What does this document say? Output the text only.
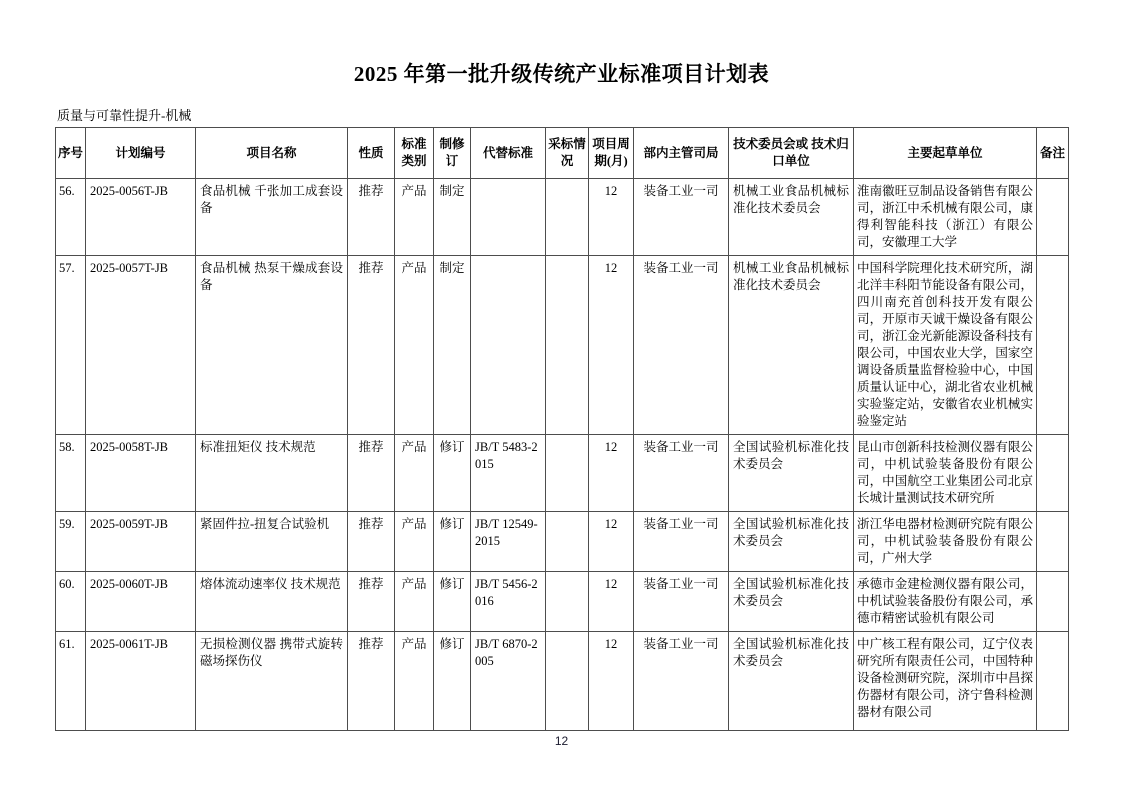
2025 年第一批升级传统产业标准项目计划表
质量与可靠性提升-机械
序号	计划编号	项目名称	性质	标准类别	制修订	代替标准	采标情况	项目周期(月)	部内主管司局	技术委员会或 技术归口单位	主要起草单位	备注
56.	2025-0056T-JB	食品机械 千张加工成套设备	推荐	产品	制定			12	装备工业一司	机械工业食品机械标准化技术委员会	淮南徽旺豆制品设备销售有限公司，浙江中禾机械有限公司，康得利智能科技（浙江）有限公司，安徽理工大学	
57.	2025-0057T-JB	食品机械 热泵干燥成套设备	推荐	产品	制定			12	装备工业一司	机械工业食品机械标准化技术委员会	中国科学院理化技术研究所，湖北洋丰科阳节能设备有限公司，四川南充首创科技开发有限公司，开原市天诚干燥设备有限公司，浙江金光新能源设备科技有限公司，中国农业大学，国家空调设备质量监督检验中心，中国质量认证中心，湖北省农业机械实验鉴定站，安徽省农业机械实验鉴定站	
58.	2025-0058T-JB	标准扭矩仪 技术规范	推荐	产品	修订	JB/T 5483-2015		12	装备工业一司	全国试验机标准化技术委员会	昆山市创新科技检测仪器有限公司，中机试验装备股份有限公司，中国航空工业集团公司北京长城计量测试技术研究所	
59.	2025-0059T-JB	紧固件拉-扭复合试验机	推荐	产品	修订	JB/T 12549-2015		12	装备工业一司	全国试验机标准化技术委员会	浙江华电器材检测研究院有限公司，中机试验装备股份有限公司，广州大学	
60.	2025-0060T-JB	熔体流动速率仪 技术规范	推荐	产品	修订	JB/T 5456-2016		12	装备工业一司	全国试验机标准化技术委员会	承德市金建检测仪器有限公司，中机试验装备股份有限公司，承德市精密试验机有限公司	
61.	2025-0061T-JB	无损检测仪器 携带式旋转磁场探伤仪	推荐	产品	修订	JB/T 6870-2005		12	装备工业一司	全国试验机标准化技术委员会	中广核工程有限公司，辽宁仪表研究所有限责任公司，中国特种设备检测研究院，深圳市中昌探伤器材有限公司，济宁鲁科检测器材有限公司	
12
